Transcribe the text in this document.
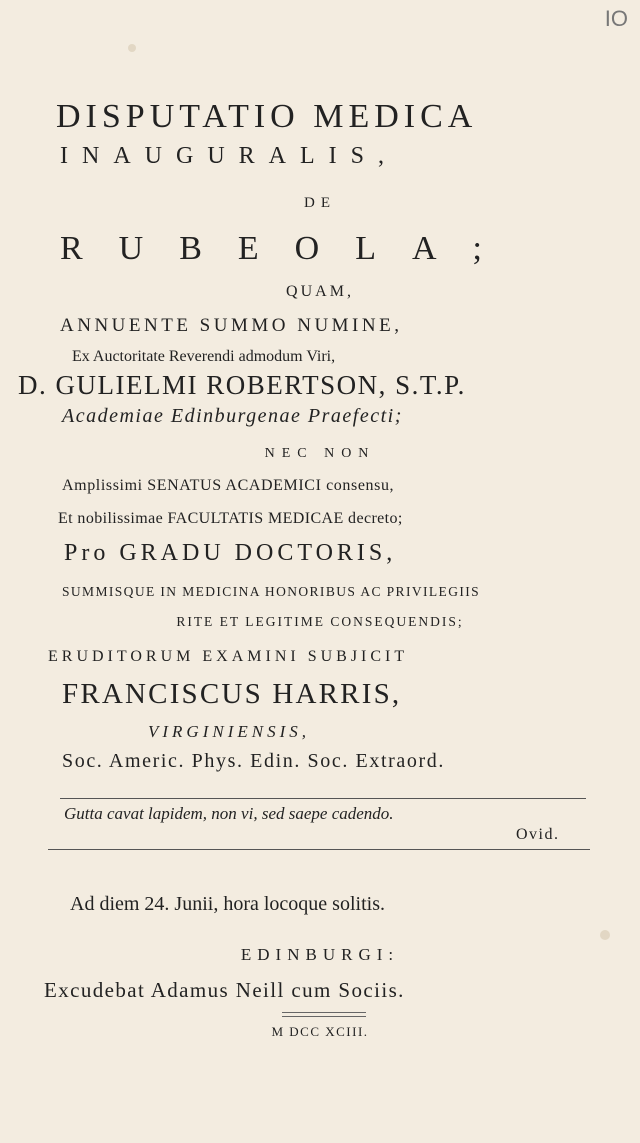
IO
DISPUTATIO MEDICA
INAUGURALIS,
DE
RUBEOLA;
QUAM,
ANNUENTE SUMMO NUMINE,
Ex Auctoritate Reverendi admodum Viri,
D. GULIELMI ROBERTSON, S.T.P.
Academiae Edinburgenae Praefecti;
NEC NON
Amplissimi SENATUS ACADEMICI consensu,
Et nobilissimae FACULTATIS MEDICAE decreto;
Pro GRADU DOCTORIS,
SUMMISQUE IN MEDICINA HONORIBUS AC PRIVILEGIIS
RITE ET LEGITIME CONSEQUENDIS;
ERUDITORUM EXAMINI SUBJICIT
FRANCISCUS HARRIS,
VIRGINIENSIS,
Soc. Americ. Phys. Edin. Soc. Extraord.
Gutta cavat lapidem, non vi, sed saepe cadendo.
Ovid.
Ad diem 24. Junii, hora locoque solitis.
EDINBURGI:
Excudebat Adamus Neill cum Sociis.
M DCC XCIII.
